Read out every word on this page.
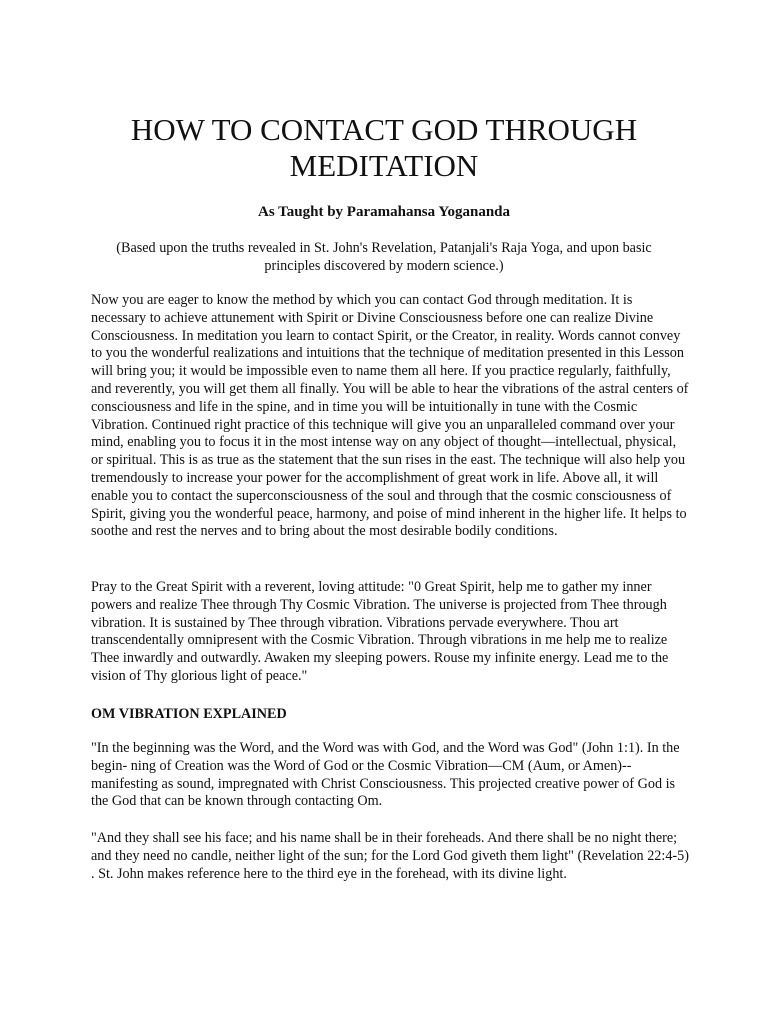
HOW TO CONTACT GOD THROUGH MEDITATION

As Taught by Paramahansa Yogananda

(Based upon the truths revealed in St. John's Revelation, Patanjali's Raja Yoga, and upon basic principles discovered by modern science.)

Now you are eager to know the method by which you can contact God through meditation. It is necessary to achieve attunement with Spirit or Divine Consciousness before one can realize Divine Consciousness. In meditation you learn to contact Spirit, or the Creator, in reality. Words cannot convey to you the wonderful realizations and intuitions that the technique of meditation presented in this Lesson will bring you; it would be impossible even to name them all here. If you practice regularly, faithfully, and reverently, you will get them all finally. You will be able to hear the vibrations of the astral centers of consciousness and life in the spine, and in time you will be intuitionally in tune with the Cosmic Vibration. Continued right practice of this technique will give you an unparalleled command over your mind, enabling you to focus it in the most intense way on any object of thought—intellectual, physical, or spiritual. This is as true as the statement that the sun rises in the east. The technique will also help you tremendously to increase your power for the accomplishment of great work in life. Above all, it will enable you to contact the superconsciousness of the soul and through that the cosmic consciousness of Spirit, giving you the wonderful peace, harmony, and poise of mind inherent in the higher life. It helps to soothe and rest the nerves and to bring about the most desirable bodily conditions.

Pray to the Great Spirit with a reverent, loving attitude: "0 Great Spirit, help me to gather my inner powers and realize Thee through Thy Cosmic Vibration. The universe is projected from Thee through vibration. It is sustained by Thee through vibration. Vibrations pervade everywhere. Thou art transcendentally omnipresent with the Cosmic Vibration. Through vibrations in me help me to realize Thee inwardly and outwardly. Awaken my sleeping powers. Rouse my infinite energy. Lead me to the vision of Thy glorious light of peace."

OM VIBRATION EXPLAINED

"In the beginning was the Word, and the Word was with God, and the Word was God" (John 1:1). In the begin- ning of Creation was the Word of God or the Cosmic Vibration—CM (Aum, or Amen)--manifesting as sound, impregnated with Christ Consciousness. This projected creative power of God is the God that can be known through contacting Om.

"And they shall see his face; and his name shall be in their foreheads. And there shall be no night there; and they need no candle, neither light of the sun; for the Lord God giveth them light" (Revelation 22:4-5) . St. John makes reference here to the third eye in the forehead, with its divine light.
